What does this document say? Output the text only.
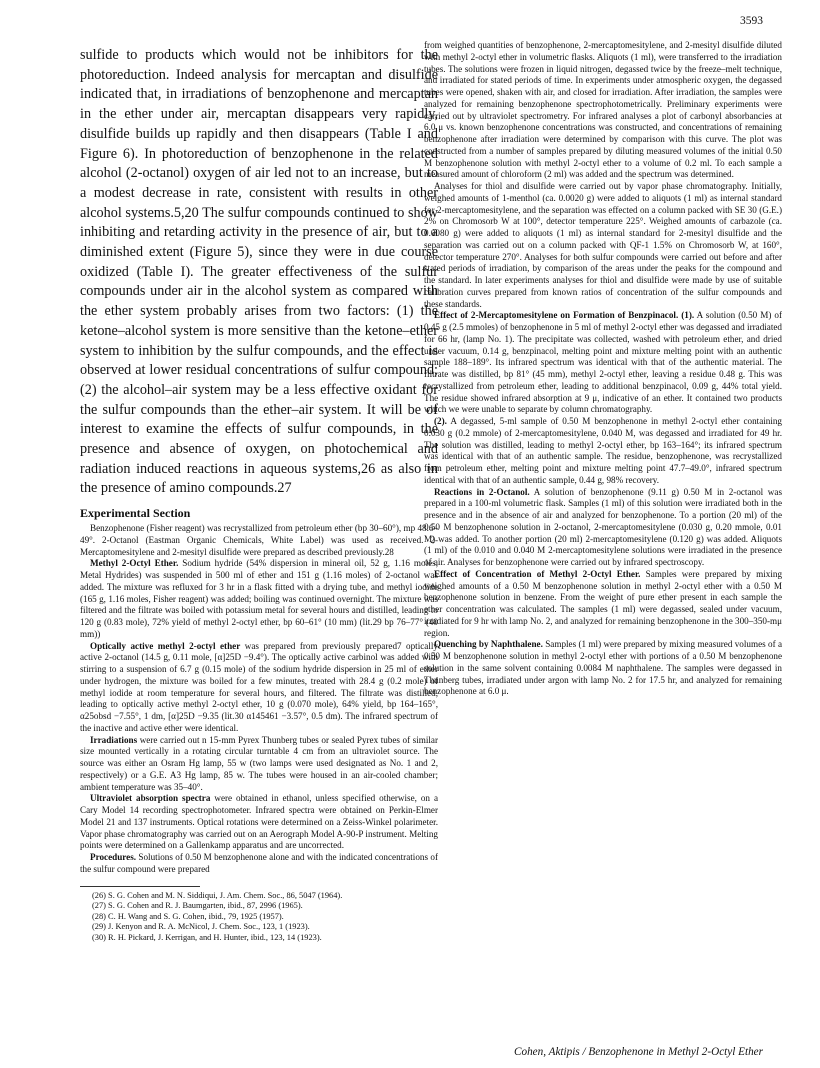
3593

sulfide to products which would not be inhibitors for the photoreduction. Indeed analysis for mercaptan and disulfide indicated that, in irradiations of benzophenone and mercaptan in the ether under air, mercaptan disappears very rapidly, disulfide builds up rapidly and then disappears (Table I and Figure 6). In photoreduction of benzophenone in the related alcohol (2-octanol) oxygen of air led not to an increase, but to a modest decrease in rate, consistent with results in other alcohol systems.5,20 The sulfur compounds continued to show inhibiting and retarding activity in the presence of air, but to a diminished extent (Figure 5), since they were in due course oxidized (Table I). The greater effectiveness of the sulfur compounds under air in the alcohol system as compared with the ether system probably arises from two factors: (1) the ketone–alcohol system is more sensitive than the ketone–ether system to inhibition by the sulfur compounds, and the effect is observed at lower residual concentrations of sulfur compound; (2) the alcohol–air system may be a less effective oxidant for the sulfur compounds than the ether–air system. It will be of interest to examine the effects of sulfur compounds, in the presence and absence of oxygen, on photochemical and radiation induced reactions in aqueous systems,26 as also in the presence of amino compounds.27

Experimental Section

Benzophenone (Fisher reagent) was recrystallized from petroleum ether (bp 30–60°), mp 48.6–49°. 2-Octanol (Eastman Organic Chemicals, White Label) was used as received. 2-Mercaptomesitylene and 2-mesityl disulfide were prepared as described previously.28

Methyl 2-Octyl Ether. Sodium hydride (54% dispersion in mineral oil, 52 g, 1.16 moles, Metal Hydrides) was suspended in 500 ml of ether and 151 g (1.16 moles) of 2-octanol was added. The mixture was refluxed for 3 hr in a flask fitted with a drying tube, and methyl iodide (165 g, 1.16 moles, Fisher reagent) was added; boiling was continued overnight. The mixture was filtered and the filtrate was boiled with potassium metal for several hours and distilled, leading to 120 g (0.83 mole), 72% yield of methyl 2-octyl ether, bp 60–61° (10 mm) (lit.29 bp 76–77° (40 mm))

Optically active methyl 2-octyl ether was prepared from previously prepared7 optically active 2-octanol (14.5 g, 0.11 mole, [α]25D −9.4°). The optically active carbinol was added with stirring to a suspension of 6.7 g (0.15 mole) of the sodium hydride dispersion in 25 ml of ether under hydrogen, the mixture was boiled for a few minutes, treated with 28.4 g (0.2 mole) of methyl iodide at room temperature for several hours, and filtered. The filtrate was distilled, leading to optically active methyl 2-octyl ether, 10 g (0.070 mole), 64% yield, bp 164–165°, α25obsd −7.55°, 1 dm, [α]25D −9.35 (lit.30 α145461 −3.57°, 0.5 dm). The infrared spectrum of the inactive and active ether were identical.

Irradiations were carried out n 15-mm Pyrex Thunberg tubes or sealed Pyrex tubes of similar size mounted vertically in a rotating circular turntable 4 cm from an ultraviolet source. The source was either an Osram Hg lamp, 55 w (two lamps were used designated as No. 1 and 2, respectively) or a G.E. A3 Hg lamp, 85 w. The tubes were housed in an air-cooled chamber; ambient temperature was 35–40°.

Ultraviolet absorption spectra were obtained in ethanol, unless specified otherwise, on a Cary Model 14 recording spectrophotometer. Infrared spectra were obtained on Perkin-Elmer Model 21 and 137 instruments. Optical rotations were determined on a Zeiss-Winkel polarimeter. Vapor phase chromatography was carried out on an Aerograph Model A-90-P instrument. Melting points were determined on a Gallenkamp apparatus and are uncorrected.

Procedures. Solutions of 0.50 M benzophenone alone and with the indicated concentrations of the sulfur compound were prepared

(26) S. G. Cohen and M. N. Siddiqui, J. Am. Chem. Soc., 86, 5047 (1964).
(27) S. G. Cohen and R. J. Baumgarten, ibid., 87, 2996 (1965).
(28) C. H. Wang and S. G. Cohen, ibid., 79, 1925 (1957).
(29) J. Kenyon and R. A. McNicol, J. Chem. Soc., 123, 1 (1923).
(30) R. H. Pickard, J. Kerrigan, and H. Hunter, ibid., 123, 14 (1923).

from weighed quantities of benzophenone, 2-mercaptomesitylene, and 2-mesityl disulfide diluted with methyl 2-octyl ether in volumetric flasks. Aliquots (1 ml), were transferred to the irradiation tubes. The solutions were frozen in liquid nitrogen, degassed twice by the freeze–melt technique, and irradiated for stated periods of time. In experiments under atmospheric oxygen, the degassed tubes were opened, shaken with air, and closed for irradiation. After irradiation, the samples were analyzed for remaining benzophenone spectrophotometrically. Preliminary experiments were carried out by ultraviolet spectrometry. For infrared analyses a plot of carbonyl absorbancies at 6.0 μ vs. known benzophenone concentrations was constructed, and concentrations of remaining benzophenone after irradiation were determined by comparison with this curve. The plot was constructed from a number of samples prepared by diluting measured volumes of the initial 0.50 M benzophenone solution with methyl 2-octyl ether to a volume of 0.2 ml. To each sample a measured amount of chloroform (2 ml) was added and the spectrum was determined.

Analyses for thiol and disulfide were carried out by vapor phase chromatography. Initially, weighed amounts of 1-menthol (ca. 0.0020 g) were added to aliquots (1 ml) as internal standard for 2-mercaptomesitylene, and the separation was effected on a column packed with SE 30 (G.E.) 2% on Chromosorb W at 100°, detector temperature 225°. Weighed amounts of carbazole (ca. 0.0080 g) were added to aliquots (1 ml) as internal standard for 2-mesityl disulfide and the separation was carried out on a column packed with QF-1 1.5% on Chromosorb W, at 160°, detector temperature 270°. Analyses for both sulfur compounds were carried out before and after stated periods of irradiation, by comparison of the areas under the peaks for the compound and the standard. In later experiments analyses for thiol and disulfide were made by use of suitable calibration curves prepared from known ratios of concentration of the sulfur compounds and these standards.

Effect of 2-Mercaptomesitylene on Formation of Benzpinacol. (1). A solution (0.50 M) of 0.45 g (2.5 mmoles) of benzophenone in 5 ml of methyl 2-octyl ether was degassed and irradiated for 66 hr, (lamp No. 1). The precipitate was collected, washed with petroleum ether, and dried under vacuum, 0.14 g, benzpinacol, melting point and mixture melting point with an authentic sample 188–189°. Its infrared spectrum was identical with that of the authentic material. The filtrate was distilled, bp 81° (45 mm), methyl 2-octyl ether, leaving a residue 0.48 g. This was recrystallized from petroleum ether, leading to additional benzpinacol, 0.09 g, 44% total yield. The residue showed infrared absorption at 9 μ, indicative of an ether. It contained two products which we were unable to separate by column chromatography.

(2). A degassed, 5-ml sample of 0.50 M benzophenone in methyl 2-octyl ether containing 0.030 g (0.2 mmole) of 2-mercaptomesitylene, 0.040 M, was degassed and irradiated for 49 hr. The solution was distilled, leading to methyl 2-octyl ether, bp 163–164°; its infrared spectrum was identical with that of an authentic sample. The residue, benzophenone, was recrystallized from petroleum ether, melting point and mixture melting point 47.7–49.0°, infrared spectrum identical with that of an authentic sample, 0.44 g, 98% recovery.

Reactions in 2-Octanol. A solution of benzophenone (9.11 g) 0.50 M in 2-octanol was prepared in a 100-ml volumetric flask. Samples (1 ml) of this solution were irradiated both in the presence and in the absence of air and analyzed for benzophenone. To a portion (20 ml) of the 0.50 M benzophenone solution in 2-octanol, 2-mercaptomesitylene (0.030 g, 0.20 mmole, 0.01 M) was added. To another portion (20 ml) 2-mercaptomesitylene (0.120 g) was added. Aliquots (1 ml) of the 0.010 and 0.040 M 2-mercaptomesitylene solutions were irradiated in the presence of air. Analyses for benzophenone were carried out by infrared spectroscopy.

Effect of Concentration of Methyl 2-Octyl Ether. Samples were prepared by mixing weighed amounts of a 0.50 M benzophenone solution in methyl 2-octyl ether with a 0.50 M benzophenone solution in benzene. From the weight of pure ether present in each sample the ether concentration was calculated. The samples (1 ml) were degassed, sealed under vacuum, irradiated for 9 hr with lamp No. 2, and analyzed for remaining benzophenone in the 300–350-mμ region.

Quenching by Naphthalene. Samples (1 ml) were prepared by mixing measured volumes of a 0.50 M benzophenone solution in methyl 2-octyl ether with portions of a 0.50 M benzophenone solution in the same solvent containing 0.0084 M naphthalene. The samples were degassed in Thunberg tubes, irradiated under argon with lamp No. 2 for 17.5 hr, and analyzed for remaining benzophenone at 6.0 μ.

Cohen, Aktipis / Benzophenone in Methyl 2-Octyl Ether
